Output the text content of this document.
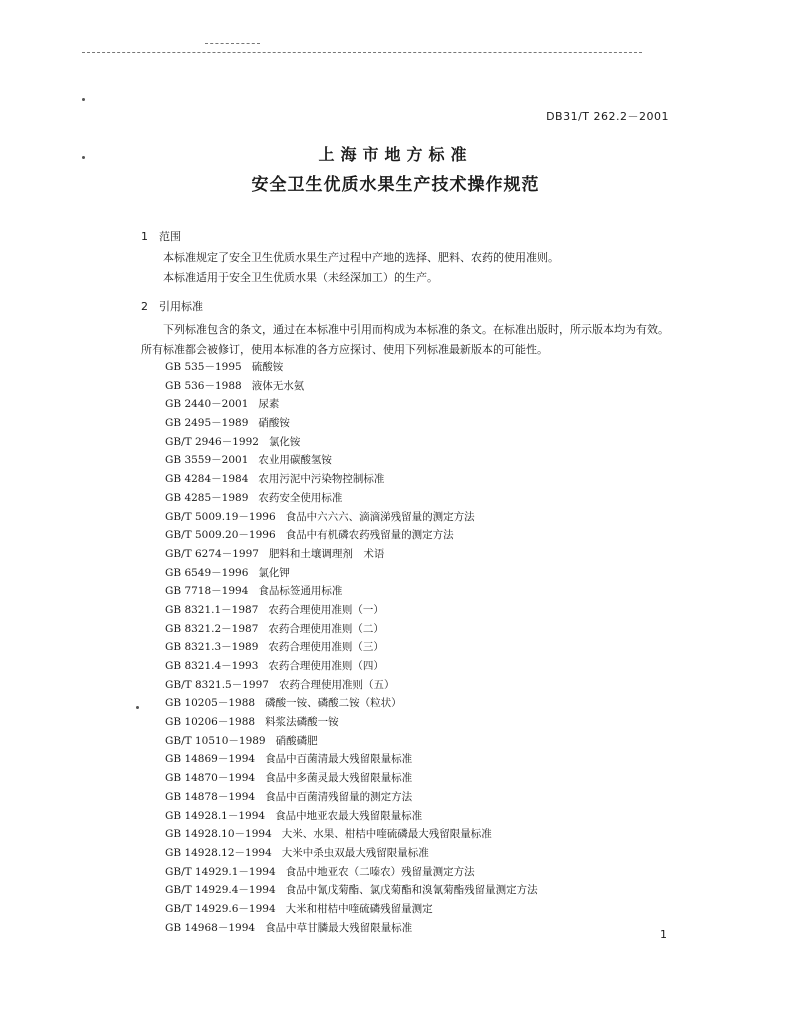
DB31/T 262.2－2001
上海市地方标准
安全卫生优质水果生产技术操作规范
1 范围
本标准规定了安全卫生优质水果生产过程中产地的选择、肥料、农药的使用准则。
本标准适用于安全卫生优质水果（未经深加工）的生产。
2 引用标准
下列标准包含的条文，通过在本标准中引用而构成为本标准的条文。在标准出版时，所示版本均为有效。所有标准都会被修订，使用本标准的各方应探讨、使用下列标准最新版本的可能性。
GB 535－1995 硫酸铵
GB 536－1988 液体无水氨
GB 2440－2001 尿素
GB 2495－1989 硝酸铵
GB/T 2946－1992 氯化铵
GB 3559－2001 农业用碳酸氢铵
GB 4284－1984 农用污泥中污染物控制标准
GB 4285－1989 农药安全使用标准
GB/T 5009.19－1996 食品中六六六、滴滴涕残留量的测定方法
GB/T 5009.20－1996 食品中有机磷农药残留量的测定方法
GB/T 6274－1997 肥料和土壤调理剂　术语
GB 6549－1996 氯化钾
GB 7718－1994 食品标签通用标准
GB 8321.1－1987 农药合理使用准则（一）
GB 8321.2－1987 农药合理使用准则（二）
GB 8321.3－1989 农药合理使用准则（三）
GB 8321.4－1993 农药合理使用准则（四）
GB/T 8321.5－1997 农药合理使用准则（五）
GB 10205－1988 磷酸一铵、磷酸二铵（粒状）
GB 10206－1988 料浆法磷酸一铵
GB/T 10510－1989 硝酸磷肥
GB 14869－1994 食品中百菌清最大残留限量标准
GB 14870－1994 食品中多菌灵最大残留限量标准
GB 14878－1994 食品中百菌清残留量的测定方法
GB 14928.1－1994 食品中地亚农最大残留限量标准
GB 14928.10－1994 大米、水果、柑桔中喹硫磷最大残留限量标准
GB 14928.12－1994 大米中杀虫双最大残留限量标准
GB/T 14929.1－1994 食品中地亚农（二嗪农）残留量测定方法
GB/T 14929.4－1994 食品中氰戊菊酯、氯戊菊酯和溴氰菊酯残留量测定方法
GB/T 14929.6－1994 大米和柑桔中喹硫磷残留量测定
GB 14968－1994 食品中草甘膦最大残留限量标准
1
